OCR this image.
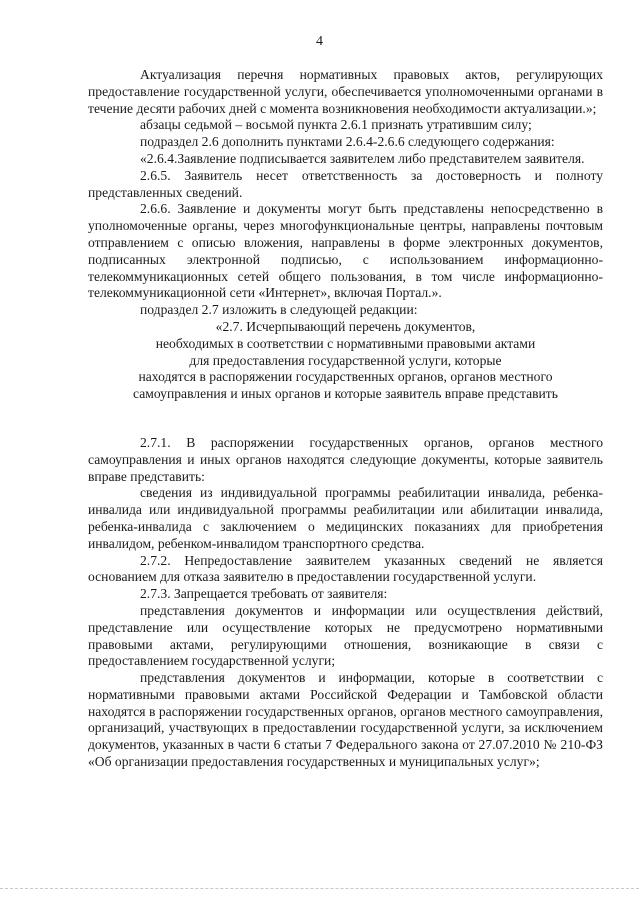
4

Актуализация перечня нормативных правовых актов, регулирующих предоставление государственной услуги, обеспечивается уполномоченными органами в течение десяти рабочих дней с момента возникновения необходимости актуализации.»;

абзацы седьмой – восьмой пункта 2.6.1 признать утратившим силу;

подраздел 2.6 дополнить пунктами 2.6.4-2.6.6 следующего содержания:

«2.6.4.Заявление подписывается заявителем либо представителем заявителя.

2.6.5. Заявитель несет ответственность за достоверность и полноту представленных сведений.

2.6.6. Заявление и документы могут быть представлены непосредственно в уполномоченные органы, через многофункциональные центры, направлены почтовым отправлением с описью вложения, направлены в форме электронных документов, подписанных электронной подписью, с использованием информационно-телекоммуникационных сетей общего пользования, в том числе информационно-телекоммуникационной сети «Интернет», включая Портал.».

подраздел 2.7 изложить в следующей редакции:

«2.7. Исчерпывающий перечень документов,

необходимых в соответствии с нормативными правовыми актами

для предоставления государственной услуги, которые

находятся в распоряжении государственных органов, органов местного

самоуправления и иных органов и которые заявитель вправе представить

2.7.1. В распоряжении государственных органов, органов местного самоуправления и иных органов находятся следующие документы, которые заявитель вправе представить:

сведения из индивидуальной программы реабилитации инвалида, ребенка-инвалида или индивидуальной программы реабилитации или абилитации инвалида, ребенка-инвалида с заключением о медицинских показаниях для приобретения инвалидом, ребенком-инвалидом транспортного средства.

2.7.2. Непредоставление заявителем указанных сведений не является основанием для отказа заявителю в предоставлении государственной услуги.

2.7.3. Запрещается требовать от заявителя:

представления документов и информации или осуществления действий, представление или осуществление которых не предусмотрено нормативными правовыми актами, регулирующими отношения, возникающие в связи с предоставлением государственной услуги;

представления документов и информации, которые в соответствии с нормативными правовыми актами Российской Федерации и Тамбовской области находятся в распоряжении государственных органов, органов местного самоуправления, организаций, участвующих в предоставлении государственной услуги, за исключением документов, указанных в части 6 статьи 7 Федерального закона от 27.07.2010 № 210-ФЗ «Об организации предоставления государственных и муниципальных услуг»;
